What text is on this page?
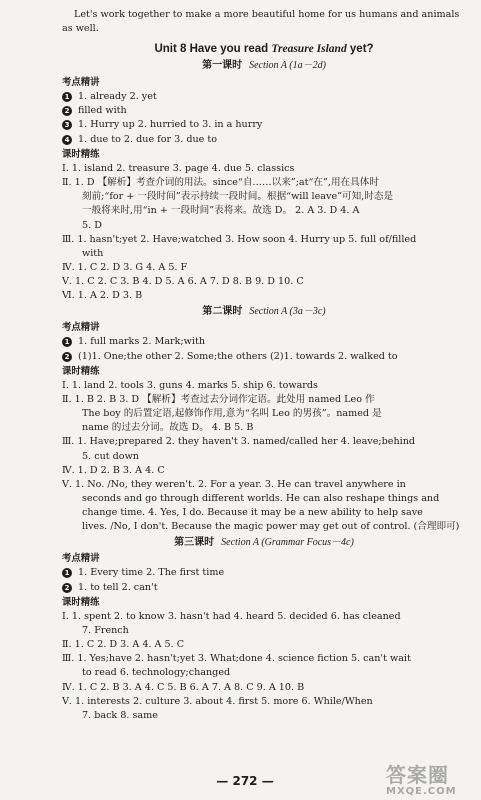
Let's work together to make a more beautiful home for us humans and animals
as well.
Unit 8 Have you read Treasure Island yet?
第一课时 Section A (1a－2d)
考点精讲
1 1. already 2. yet
2 filled with
3 1. Hurry up 2. hurried to 3. in a hurry
4 1. due to 2. due for 3. due to
课时精练
Ⅰ. 1. island 2. treasure 3. page 4. due 5. classics
Ⅱ. 1. D 【解析】考查介词的用法。since“自……以来”;at“在”,用在具体时
刻前;“for + 一段时间”表示持续一段时间。根据“will leave”可知,时态是
一般将来时,用“in + 一段时间”表将来。故选 D。 2. A 3. D 4. A
5. D
Ⅲ. 1. hasn't;yet 2. Have;watched 3. How soon 4. Hurry up 5. full of/filled
with
Ⅳ. 1. C 2. D 3. G 4. A 5. F
Ⅴ. 1. C 2. C 3. B 4. D 5. A 6. A 7. D 8. B 9. D 10. C
Ⅵ. 1. A 2. D 3. B
第二课时 Section A (3a－3c)
考点精讲
1 1. full marks 2. Mark;with
2 (1)1. One;the other 2. Some;the others (2)1. towards 2. walked to
课时精练
Ⅰ. 1. land 2. tools 3. guns 4. marks 5. ship 6. towards
Ⅱ. 1. B 2. B 3. D 【解析】考查过去分词作定语。此处用 named Leo 作
The boy 的后置定语,起修饰作用,意为“名叫 Leo 的男孩”。named 是
name 的过去分词。故选 D。 4. B 5. B
Ⅲ. 1. Have;prepared 2. they haven't 3. named/called her 4. leave;behind
5. cut down
Ⅳ. 1. D 2. B 3. A 4. C
Ⅴ. 1. No. /No, they weren't. 2. For a year. 3. He can travel anywhere in
seconds and go through different worlds. He can also reshape things and
change time. 4. Yes, I do. Because it may be a new ability to help save
lives. /No, I don't. Because the magic power may get out of control. (合理即可)
第三课时 Section A (Grammar Focus－4c)
考点精讲
1 1. Every time 2. The first time
2 1. to tell 2. can't
课时精练
Ⅰ. 1. spent 2. to know 3. hasn't had 4. heard 5. decided 6. has cleaned
7. French
Ⅱ. 1. C 2. D 3. A 4. A 5. C
Ⅲ. 1. Yes;have 2. hasn't;yet 3. What;done 4. science fiction 5. can't wait
to read 6. technology;changed
Ⅳ. 1. C 2. B 3. A 4. C 5. B 6. A 7. A 8. C 9. A 10. B
Ⅴ. 1. interests 2. culture 3. about 4. first 5. more 6. While/When
7. back 8. same
— 272 —	答案圈
MXQE.COM
